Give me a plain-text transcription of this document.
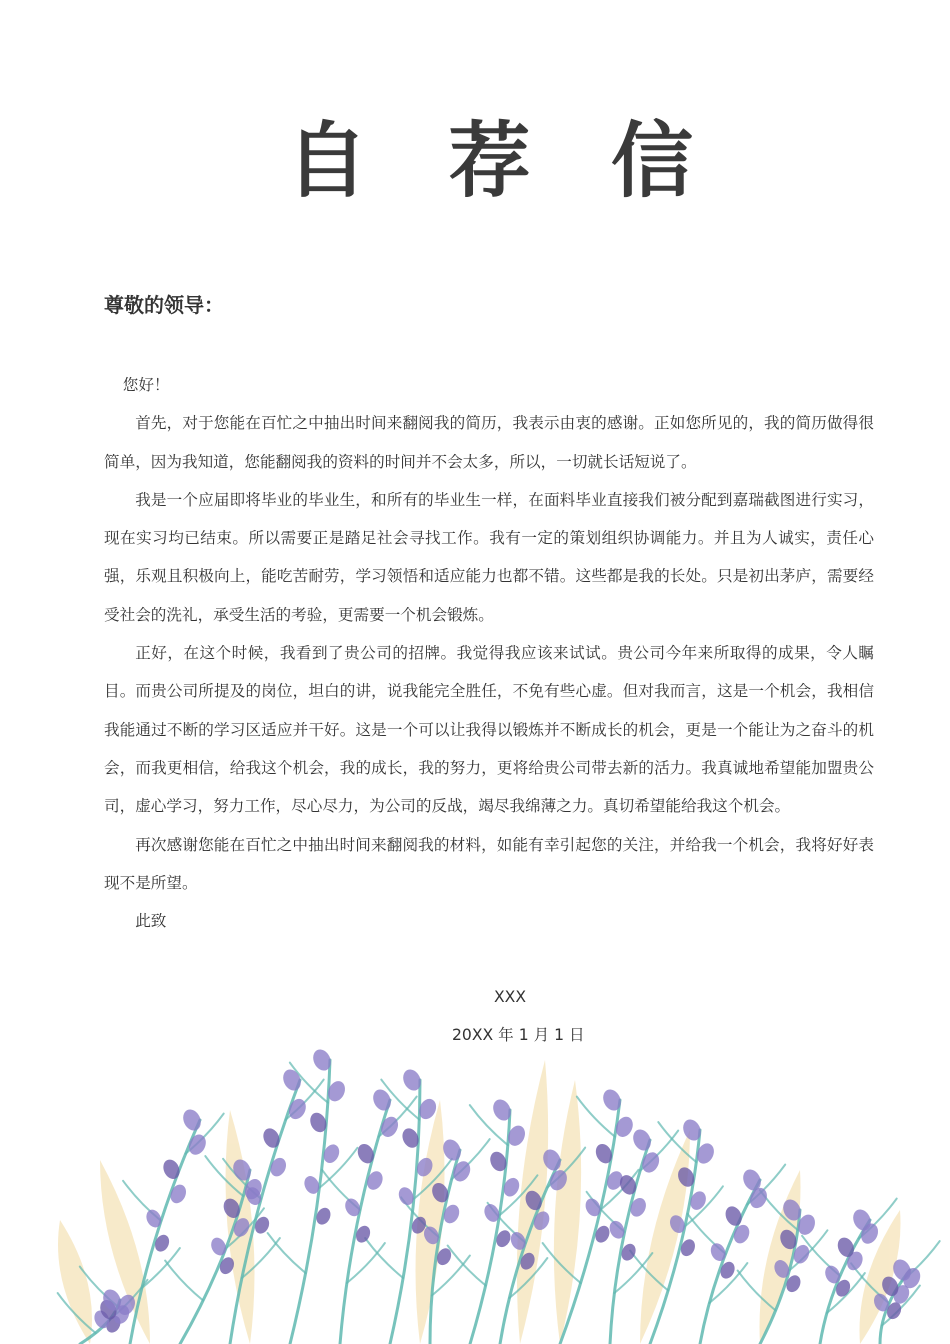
自 荐 信
尊敬的领导：

您好！

首先，对于您能在百忙之中抽出时间来翻阅我的简历，我表示由衷的感谢。正如您所见的，我的简历做得很简单，因为我知道，您能翻阅我的资料的时间并不会太多，所以，一切就长话短说了。

我是一个应届即将毕业的毕业生，和所有的毕业生一样，在面料毕业直接我们被分配到嘉瑞截图进行实习，现在实习均已结束。所以需要正是踏足社会寻找工作。我有一定的策划组织协调能力。并且为人诚实，责任心强，乐观且积极向上，能吃苦耐劳，学习领悟和适应能力也都不错。这些都是我的长处。只是初出茅庐，需要经受社会的洗礼，承受生活的考验，更需要一个机会锻炼。

正好，在这个时候，我看到了贵公司的招牌。我觉得我应该来试试。贵公司今年来所取得的成果，令人瞩目。而贵公司所提及的岗位，坦白的讲，说我能完全胜任，不免有些心虚。但对我而言，这是一个机会，我相信我能通过不断的学习区适应并干好。这是一个可以让我得以锻炼并不断成长的机会，更是一个能让为之奋斗的机会，而我更相信，给我这个机会，我的成长，我的努力，更将给贵公司带去新的活力。我真诚地希望能加盟贵公司，虚心学习，努力工作，尽心尽力，为公司的反战，竭尽我绵薄之力。真切希望能给我这个机会。

再次感谢您能在百忙之中抽出时间来翻阅我的材料，如能有幸引起您的关注，并给我一个机会，我将好好表现不是所望。

此致

XXX
20XX 年 1 月 1 日
